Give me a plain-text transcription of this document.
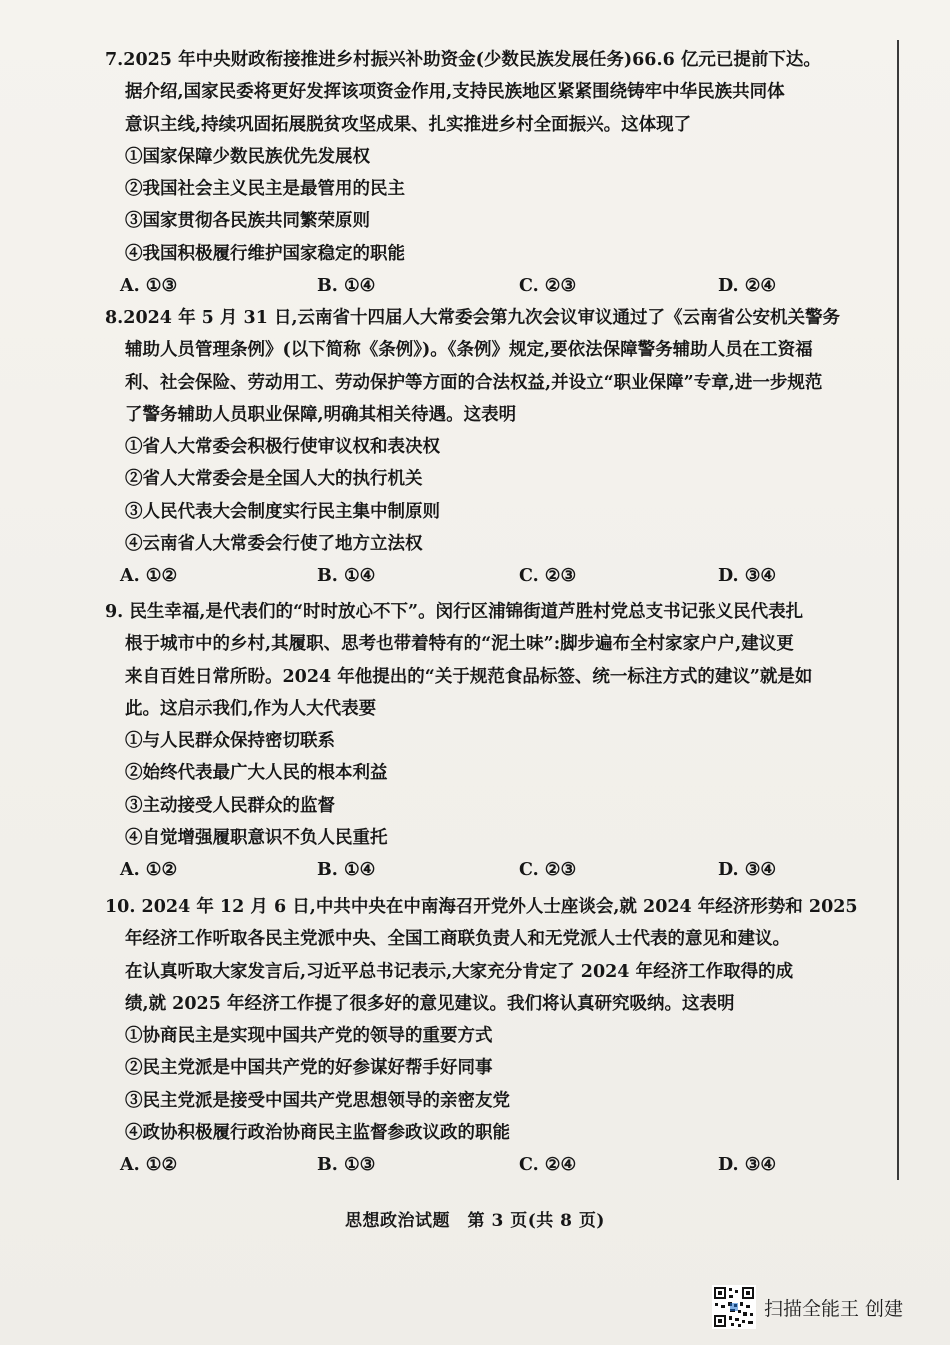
7.2025 年中央财政衔接推进乡村振兴补助资金(少数民族发展任务)66.6 亿元已提前下达。
据介绍,国家民委将更好发挥该项资金作用,支持民族地区紧紧围绕铸牢中华民族共同体
意识主线,持续巩固拓展脱贫攻坚成果、扎实推进乡村全面振兴。这体现了
①国家保障少数民族优先发展权
②我国社会主义民主是最管用的民主
③国家贯彻各民族共同繁荣原则
④我国积极履行维护国家稳定的职能
A. ①③	B. ①④	C. ②③	D. ②④
8.2024 年 5 月 31 日,云南省十四届人大常委会第九次会议审议通过了《云南省公安机关警务
辅助人员管理条例》(以下简称《条例》)。《条例》规定,要依法保障警务辅助人员在工资福
利、社会保险、劳动用工、劳动保护等方面的合法权益,并设立“职业保障”专章,进一步规范
了警务辅助人员职业保障,明确其相关待遇。这表明
①省人大常委会积极行使审议权和表决权
②省人大常委会是全国人大的执行机关
③人民代表大会制度实行民主集中制原则
④云南省人大常委会行使了地方立法权
A. ①②	B. ①④	C. ②③	D. ③④
9. 民生幸福,是代表们的“时时放心不下”。闵行区浦锦街道芦胜村党总支书记张义民代表扎
根于城市中的乡村,其履职、思考也带着特有的“泥土味”:脚步遍布全村家家户户,建议更
来自百姓日常所盼。2024 年他提出的“关于规范食品标签、统一标注方式的建议”就是如
此。这启示我们,作为人大代表要
①与人民群众保持密切联系
②始终代表最广大人民的根本利益
③主动接受人民群众的监督
④自觉增强履职意识不负人民重托
A. ①②	B. ①④	C. ②③	D. ③④
10. 2024 年 12 月 6 日,中共中央在中南海召开党外人士座谈会,就 2024 年经济形势和 2025
年经济工作听取各民主党派中央、全国工商联负责人和无党派人士代表的意见和建议。
在认真听取大家发言后,习近平总书记表示,大家充分肯定了 2024 年经济工作取得的成
绩,就 2025 年经济工作提了很多好的意见建议。我们将认真研究吸纳。这表明
①协商民主是实现中国共产党的领导的重要方式
②民主党派是中国共产党的好参谋好帮手好同事
③民主党派是接受中国共产党思想领导的亲密友党
④政协积极履行政治协商民主监督参政议政的职能
A. ①②	B. ①③	C. ②④	D. ③④
思想政治试题　第 3 页(共 8 页)
扫描全能王 创建
